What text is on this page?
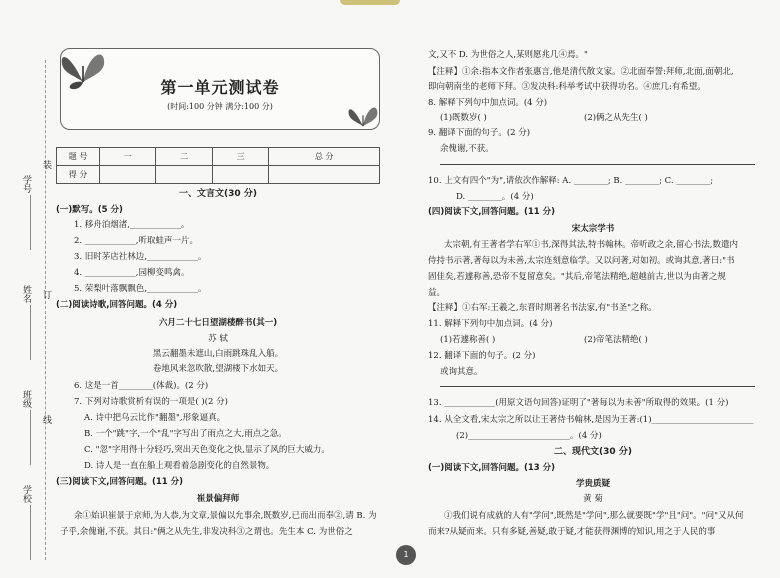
学号
姓名
班级
学校
装
订
线
第一单元测试卷
(时间:100 分钟 满分:100 分)
题 号	一	二	三	总 分
得 分				
一、文言文(30 分)
(一)默写。(5 分)
1. 移舟泊烟渚,____________。
2. ____________,听取蛙声一片。
3. 旧时茅店社林边,____________。
4. ____________,园柳变鸣禽。
5. 荣梨叶落飘飘色,____________。
(二)阅读诗歌,回答问题。(4 分)
六月二十七日望湖楼醉书(其一)
苏 轼
黑云翻墨未遮山,白雨跳珠乱入船。
卷地风来忽吹散,望湖楼下水如天。
6. 这是一首________(体裁)。(2 分)
7. 下列对诗歌赏析有误的一项是( )(2 分)
A. 诗中把乌云比作"翻墨",形象逼真。
B. 一个"跳"字,一个"乱"字写出了雨点之大,雨点之急。
C. "忽"字用得十分轻巧,突出天色变化之快,显示了风的巨大威力。
D. 诗人是一直在船上观看着急剧变化的自然景物。
(三)阅读下文,回答问题。(11 分)
崔景偏拜师
余①始识崔景于京师,为人恭,为文章,景偏以允事余,既数岁,已而出而奉②,请 B. 为
子乎,余傀谢,不获。其日:"俩之从先生,非发决科③之谓也。先生本 C. 为世俗之
文,又不 D. 为世俗之人,某则愿兆几④焉。"
【注释】①余:指本文作者张惠言,他是清代散文家。②北面奉誓:拜师,北面,面朝北,
即向朝南坐的老师下拜。③发决科:科举考试中获得功名。④庶几:有希望。
8. 解释下列句中加点词。(4 分)
(1)既数岁( )	(2)俩之从先生( )
9. 翻译下面的句子。(2 分)
余傀谢,不获。
10. 上文有四个"为",请依次作解释: A. ________; B. ________; C. ________;
D. ________。(4 分)
(四)阅读下文,回答问题。(11 分)
宋太宗学书
太宗朝,有王著者学右军①书,深得其法,特书翰林。帝听政之余,留心书法,数遣内
侍持书示著,著每以为未善,太宗连刻意临学。又以问著,对如初。或询其意,著曰:"书
固佳矣,若遽称善,恐帝不复留意矣。"其后,帝笔法精绝,超越前古,世以为由著之规
益。
【注释】①右军:王羲之,东晋时期著名书法家,有"书圣"之称。
11. 解释下列句中加点词。(4 分)
(1)若遽称善( )	(2)帝笔法精绝( )
12. 翻译下面的句子。(2 分)
或询其意。
13. ____________(用原文语句回答)证明了"著每以为未善"所取得的效果。(1 分)
14. 从全文看,宋太宗之所以让王著侍书翰林,是因为王著:(1)________________________
(2)________________________。(4 分)
二、现代文(30 分)
(一)阅读下文,回答问题。(13 分)
学贵质疑
黄 菊
①我们说有成就的人有"学问",既然是"学问",那么就要既"学"且"问"。"问"又从何
而来?从疑而来。只有多疑,善疑,敢于疑,才能获得渊博的知识,用之于人民的事
1
